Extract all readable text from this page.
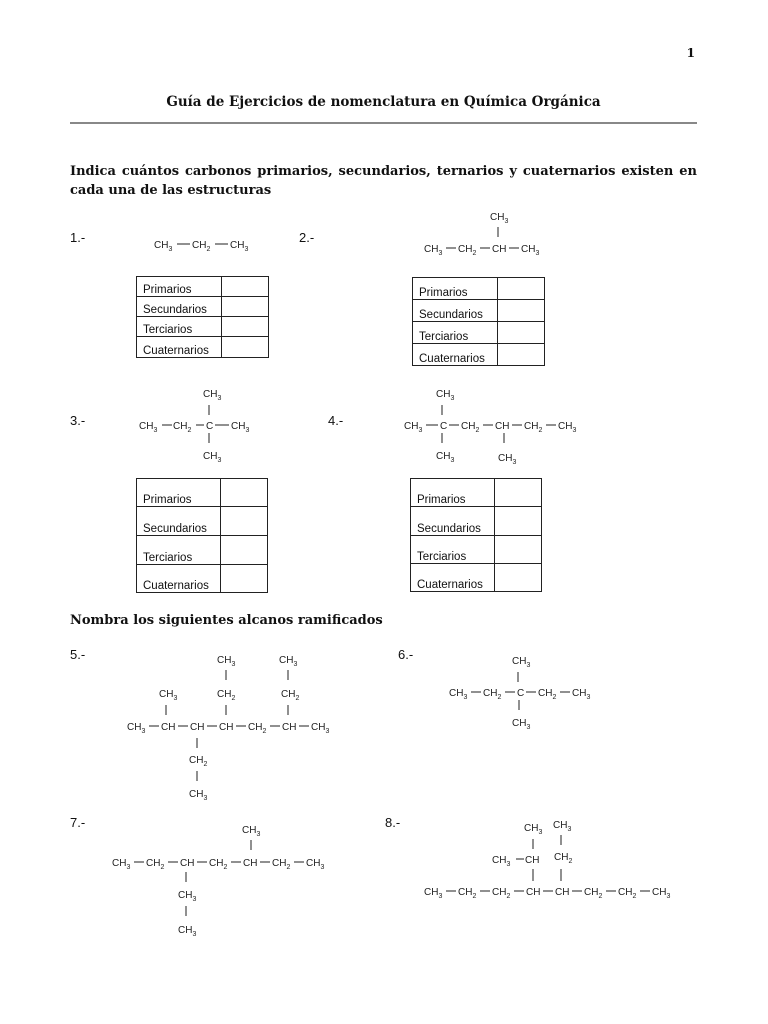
1
Guía de Ejercicios de nomenclatura en Química Orgánica
Indica cuántos carbonos primarios, secundarios, ternarios y cuaternarios existen en cada una de las estructuras
1.-	2.-
3.-	4.-
5.-	6.-
7.-	8.-
Nombra los siguientes alcanos ramificados
$CH_3$ $CH_2$ $CH_3$
$CH_3$
$CH_3$ $CH_2$ CH $CH_3$
$CH_3$
$CH_3$ $CH_2$ C $CH_3$
$CH_3$
$CH_3$
$CH_3$ C $CH_2$ CH $CH_2$ $CH_3$
$CH_3$	$CH_3$
$CH_3$	$CH_3$
$CH_3$	$CH_2$	$CH_2$
$CH_3$ CH CH CH $CH_2$ CH $CH_3$
$CH_2$
$CH_3$
$CH_3$
$CH_3$ $CH_2$ C $CH_2$ $CH_3$
$CH_3$
$CH_3$
$CH_3$ $CH_2$ CH $CH_2$ CH $CH_2$ $CH_3$
$CH_3$
$CH_3$
$CH_3$
$CH_3$
$CH_3$ CH $CH_2$
$CH_3$ $CH_2$ $CH_2$ CH CH $CH_2$ $CH_2$ $CH_3$
Primarios	
Secundarios	
Terciarios	
Cuaternarios	
Primarios	
Secundarios	
Terciarios	
Cuaternarios	
Primarios	
Secundarios	
Terciarios	
Cuaternarios	
Primarios	
Secundarios	
Terciarios	
Cuaternarios	
